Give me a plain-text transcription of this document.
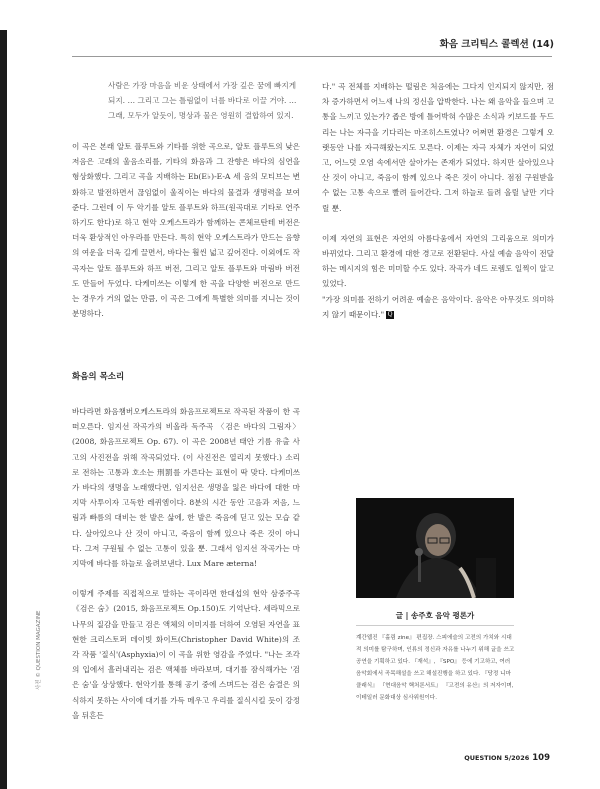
화음 크리틱스 콜렉션 (14)
사람은 가장 마음을 비운 상태에서 가장 깊은 꿈에 빠지게 되지. … 그리고 그는 틀림없이 너를 바다로 이끌 거야. … 그래, 모두가 알듯이, 명상과 물은 영원히 결합하여 있지.

이 곡은 본래 알토 플루트와 기타를 위한 곡으로, 알토 플루트의 낮은 저음은 고래의 울음소리를, 기타의 화음과 그 잔향은 바다의 심연을 형상화했다. 그리고 곡을 지배하는 Eb(E♭)-E-A 세 음의 모티브는 변화하고 발전하면서 끊임없이 울직이는 바다의 물결과 생명력을 보여준다. 그런데 이 두 악기를 알토 플루트와 하프(원곡대로 기타로 연주하기도 한다)로 하고 현악 오케스트라가 함께하는 콘체르탄테 버전은 더욱 환상적인 아우라를 만든다. 특히 현악 오케스트라가 만드는 음향의 여운을 더욱 길게 끌면서, 바다는 훨씬 넓고 깊어진다. 이외에도 작곡자는 알토 플루트와 하프 버전, 그리고 알토 플루트와 마림바 버전도 만들어 두었다. 다케미쓰는 이렇게 한 곡을 다양한 버전으로 만드는 경우가 거의 없는 만큼, 이 곡은 그에게 특별한 의미를 지니는 것이 분명하다.

화음의 목소리

바다라면 화음챔버오케스트라의 화음프로젝트로 작곡된 작품이 한 곡 떠오른다. 임지선 작곡가의 비올라 독주곡 〈검은 바다의 그림자〉(2008, 화음프로젝트 Op. 67). 이 곡은 2008년 태안 기름 유출 사고의 사진전을 위해 작곡되었다. (이 사진전은 열리지 못했다.) 소리로 전하는 고통과 호소는 刑罰를 가른다는 표현이 딱 맞다. 다케미쓰가 바다의 생명을 노래했다면, 임지선은 생명을 잃은 바다에 대한 마지막 사투이자 고독한 레퀴엠이다. 8분의 시간 동안 고음과 저음, 느림과 빠름의 대비는 한 발은 삶에, 한 발은 죽음에 딛고 있는 모습 같다. 살아있으나 산 것이 아니고, 죽음이 함께 있으나 죽은 것이 아니다. 그저 구원될 수 없는 고통이 있을 뿐. 그래서 임지선 작곡가는 마지막에 바다를 하늘로 올려보낸다. Lux Mare æterna!

이렇게 주제를 직접적으로 말하는 곡이라면 한대섭의 현악 삼중주곡 《검은 숨》(2015, 화음프로젝트 Op.150)도 기억난다. 세라믹으로 나무의 질감을 만들고 검은 액체의 이미지를 더하여 오염된 자연을 표현한 크리스토퍼 데이빗 화이트(Christopher David White)의 조각 작품 '질식'(Asphyxia)이 이 곡을 위한 영감을 주었다. "나는 조각의 입에서 흘러내리는 검은 액체를 바라보며, 대기를 잠식해가는 '검은 숨'을 상상했다. 현악기를 통해 공기 중에 스며드는 검은 숨결은 의식하지 못하는 사이에 대기를 가득 메우고 우리를 질식시킬 듯이 강정을 뒤흔든

다." 곡 전체를 지배하는 떨림은 처음에는 그다지 인지되지 않지만, 점차 증가하면서 어느새 나의 정신을 압박한다. 나는 왜 음악을 들으며 고통을 느끼고 있는가? 좁은 방에 틀어박혀 수많은 소식과 키보드를 두드리는 나는 자극을 기다리는 마조히스트였나? 어쩌면 환경은 그렇게 오랫동안 나를 자극해왔는지도 모른다. 이제는 자극 자체가 자연이 되었고, 어느덧 오염 속에서만 살아가는 존재가 되었다. 하지만 살아있으나 산 것이 아니고, 죽음이 함께 있으나 죽은 것이 아니다. 점점 구원받을 수 없는 고통 속으로 빨려 들어간다. 그저 하늘로 들려 올릴 날만 기다릴 뿐.

이제 자연의 표현은 자연의 아름다움에서 자연의 그리움으로 의미가 바뀌었다. 그리고 환경에 대한 경고로 전환된다. 사실 예술 음악이 전달하는 메시지의 힘은 미미할 수도 있다. 작곡가 네드 로렘도 일찍이 알고 있었다.

"가장 의미를 전하기 어려운 예술은 음악이다. 음악은 아무것도 의미하지 않기 때문이다." Q

글 | 송주호 음악 평론가
계간웹진 『홀림 zine』 편집장. 스피에슬의 고전의 가치와 시대적 의미를 탐구하며, 인류의 정신과 자유를 나누기 위해 글을 쓰고 공연을 기획하고 있다. 『재석』, 『SPO』 등에 기고하고, 여러 음악회에서 곡목해설을 쓰고 해설진행을 하고 있다. 『당정 니마 클래식』 『현대음악 핵처론서트』 『고전의 유산』의 저자이며, 이테일러 문화대상 심사위원이다.
사진 © QUESTION MAGAZINE
QUESTION 5/2026 109
